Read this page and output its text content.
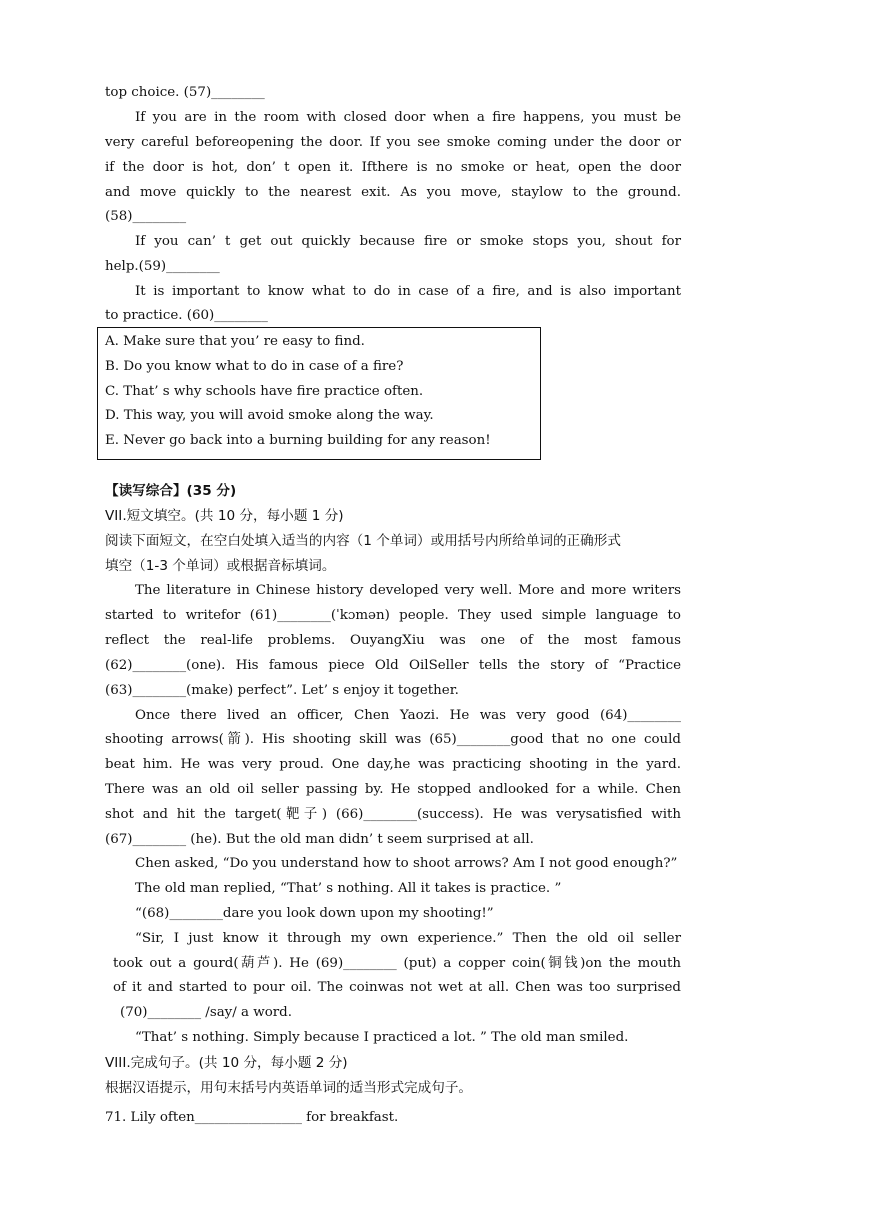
top choice. (57)________
If you are in the room with closed door when a fire happens, you must be
very careful beforeopening the door. If you see smoke coming under the door or
if the door is hot, don’ t open it. Ifthere is no smoke or heat, open the door
and move quickly to the nearest exit. As you move, staylow to the ground.
(58)________
If you can’ t get out quickly because fire or smoke stops you, shout for
help.(59)________
It is important to know what to do in case of a fire, and is also important
to practice. (60)________
A. Make sure that you’ re easy to find.
B. Do you know what to do in case of a fire?
C. That’ s why schools have fire practice often.
D. This way, you will avoid smoke along the way.
E. Never go back into a burning building for any reason!
【读写综合】(35 分)
VII.短文填空。(共 10 分，每小题 1 分)
阅读下面短文，在空白处填入适当的内容（1 个单词）或用括号内所给单词的正确形式
填空（1-3 个单词）或根据音标填词。
The literature in Chinese history developed very well. More and more writers
started to writefor (61)________(ˈkɔmən) people. They used simple language to
reflect the real-life problems. OuyangXiu was one of the most famous
(62)________(one). His famous piece Old OilSeller tells the story of “Practice
(63)________(make) perfect”. Let’ s enjoy it together.
Once there lived an officer, Chen Yaozi. He was very good (64)________
shooting arrows(箭). His shooting skill was (65)________good that no one could
beat him. He was very proud. One day,he was practicing shooting in the yard.
There was an old oil seller passing by. He stopped andlooked for a while. Chen
shot and hit the target(靶子) (66)________(success). He was verysatisfied with
(67)________ (he). But the old man didn’ t seem surprised at all.
Chen asked, “Do you understand how to shoot arrows? Am I not good enough?”
The old man replied, “That’ s nothing. All it takes is practice. ”
“(68)________dare you look down upon my shooting!”
“Sir, I just know it through my own experience.” Then the old oil seller
took out a gourd(葫芦). He (69)________ (put) a copper coin(铜钱)on the mouth
of it and started to pour oil. The coinwas not wet at all. Chen was too surprised
(70)________ /say/ a word.
“That’ s nothing. Simply because I practiced a lot. ” The old man smiled.
VIII.完成句子。(共 10 分，每小题 2 分)
根据汉语提示，用句末括号内英语单词的适当形式完成句子。
71. Lily often________________ for breakfast.
